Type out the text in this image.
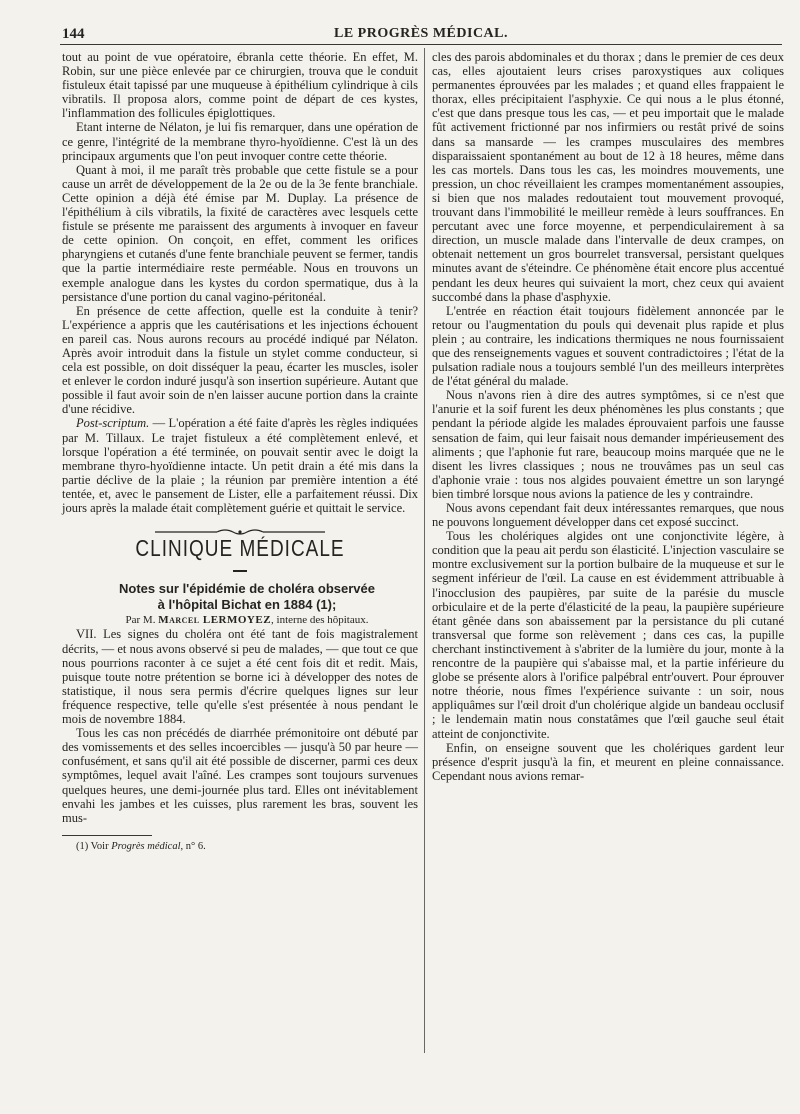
144	LE PROGRÈS MÉDICAL.

tout au point de vue opératoire, ébranla cette théorie. En effet, M. Robin, sur une pièce enlevée par ce chirurgien, trouva que le conduit fistuleux était tapissé par une muqueuse à épithélium cylindrique à cils vibratils. Il proposa alors, comme point de départ de ces kystes, l'inflammation des follicules épiglottiques.

Etant interne de Nélaton, je lui fis remarquer, dans une opération de ce genre, l'intégrité de la membrane thyro-hyoïdienne. C'est là un des principaux arguments que l'on peut invoquer contre cette théorie.

Quant à moi, il me paraît très probable que cette fistule se a pour cause un arrêt de développement de la 2e ou de la 3e fente branchiale. Cette opinion a déjà été émise par M. Duplay. La présence de l'épithélium à cils vibratils, la fixité de caractères avec lesquels cette fistule se présente me paraissent des arguments à invoquer en faveur de cette opinion. On conçoit, en effet, comment les orifices pharyngiens et cutanés d'une fente branchiale peuvent se fermer, tandis que la partie intermédiaire reste perméable. Nous en trouvons un exemple analogue dans les kystes du cordon spermatique, dus à la persistance d'une portion du canal vagino-péritonéal.

En présence de cette affection, quelle est la conduite à tenir? L'expérience a appris que les cautérisations et les injections échouent en pareil cas. Nous aurons recours au procédé indiqué par Nélaton. Après avoir introduit dans la fistule un stylet comme conducteur, si cela est possible, on doit disséquer la peau, écarter les muscles, isoler et enlever le cordon induré jusqu'à son insertion supérieure. Autant que possible il faut avoir soin de n'en laisser aucune portion dans la crainte d'une récidive.

Post-scriptum. — L'opération a été faite d'après les règles indiquées par M. Tillaux. Le trajet fistuleux a été complètement enlevé, et lorsque l'opération a été terminée, on pouvait sentir avec le doigt la membrane thyro-hyoïdienne intacte. Un petit drain a été mis dans la partie déclive de la plaie ; la réunion par première intention a été tentée, et, avec le pansement de Lister, elle a parfaitement réussi. Dix jours après la malade était complètement guérie et quittait le service.

CLINIQUE MÉDICALE

Notes sur l'épidémie de choléra observée

à l'hôpital Bichat en 1884 (1);

Par M. Marcel LERMOYEZ, interne des hôpitaux.

VII. Les signes du choléra ont été tant de fois magistralement décrits, — et nous avons observé si peu de malades, — que tout ce que nous pourrions raconter à ce sujet a été cent fois dit et redit. Mais, puisque toute notre prétention se borne ici à développer des notes de statistique, il nous sera permis d'écrire quelques lignes sur leur fréquence respective, telle qu'elle s'est présentée à nous pendant le mois de novembre 1884.

Tous les cas non précédés de diarrhée prémonitoire ont débuté par des vomissements et des selles incoercibles — jusqu'à 50 par heure — confusément, et sans qu'il ait été possible de discerner, parmi ces deux symptômes, lequel avait l'aîné. Les crampes sont toujours survenues quelques heures, une demi-journée plus tard. Elles ont inévitablement envahi les jambes et les cuisses, plus rarement les bras, souvent les mus-

(1) Voir Progrès médical, n° 6.

cles des parois abdominales et du thorax ; dans le premier de ces deux cas, elles ajoutaient leurs crises paroxystiques aux coliques permanentes éprouvées par les malades ; et quand elles frappaient le thorax, elles précipitaient l'asphyxie. Ce qui nous a le plus étonné, c'est que dans presque tous les cas, — et peu importait que le malade fût activement frictionné par nos infirmiers ou restât privé de soins dans sa mansarde — les crampes musculaires des membres disparaissaient spontanément au bout de 12 à 18 heures, même dans les cas mortels. Dans tous les cas, les moindres mouvements, une pression, un choc réveillaient les crampes momentanément assoupies, si bien que nos malades redoutaient tout mouvement provoqué, trouvant dans l'immobilité le meilleur remède à leurs souffrances. En percutant avec une force moyenne, et perpendiculairement à sa direction, un muscle malade dans l'intervalle de deux crampes, on obtenait nettement un gros bourrelet transversal, persistant quelques minutes avant de s'éteindre. Ce phénomène était encore plus accentué pendant les deux heures qui suivaient la mort, chez ceux qui avaient succombé dans la phase d'asphyxie.

L'entrée en réaction était toujours fidèlement annoncée par le retour ou l'augmentation du pouls qui devenait plus rapide et plus plein ; au contraire, les indications thermiques ne nous fournissaient que des renseignements vagues et souvent contradictoires ; l'état de la pulsation radiale nous a toujours semblé l'un des meilleurs interprètes de l'état général du malade.

Nous n'avons rien à dire des autres symptômes, si ce n'est que l'anurie et la soif furent les deux phénomènes les plus constants ; que pendant la période algide les malades éprouvaient parfois une fausse sensation de faim, qui leur faisait nous demander impérieusement des aliments ; que l'aphonie fut rare, beaucoup moins marquée que ne le disent les livres classiques ; nous ne trouvâmes pas un seul cas d'aphonie vraie : tous nos algides pouvaient émettre un son laryngé bien timbré lorsque nous avions la patience de les y contraindre.

Nous avons cependant fait deux intéressantes remarques, que nous ne pouvons longuement développer dans cet exposé succinct.

Tous les cholériques algides ont une conjonctivite légère, à condition que la peau ait perdu son élasticité. L'injection vasculaire se montre exclusivement sur la portion bulbaire de la muqueuse et sur le segment inférieur de l'œil. La cause en est évidemment attribuable à l'inocclusion des paupières, par suite de la parésie du muscle orbiculaire et de la perte d'élasticité de la peau, la paupière supérieure étant gênée dans son abaissement par la persistance du pli cutané transversal que forme son relèvement ; dans ces cas, la pupille cherchant instinctivement à s'abriter de la lumière du jour, monte à la rencontre de la paupière qui s'abaisse mal, et la partie inférieure du globe se présente alors à l'orifice palpébral entr'ouvert. Pour éprouver notre théorie, nous fîmes l'expérience suivante : un soir, nous appliquâmes sur l'œil droit d'un cholérique algide un bandeau occlusif ; le lendemain matin nous constatâmes que l'œil gauche seul était atteint de conjonctivite.

Enfin, on enseigne souvent que les cholériques gardent leur présence d'esprit jusqu'à la fin, et meurent en pleine connaissance. Cependant nous avions remar-
